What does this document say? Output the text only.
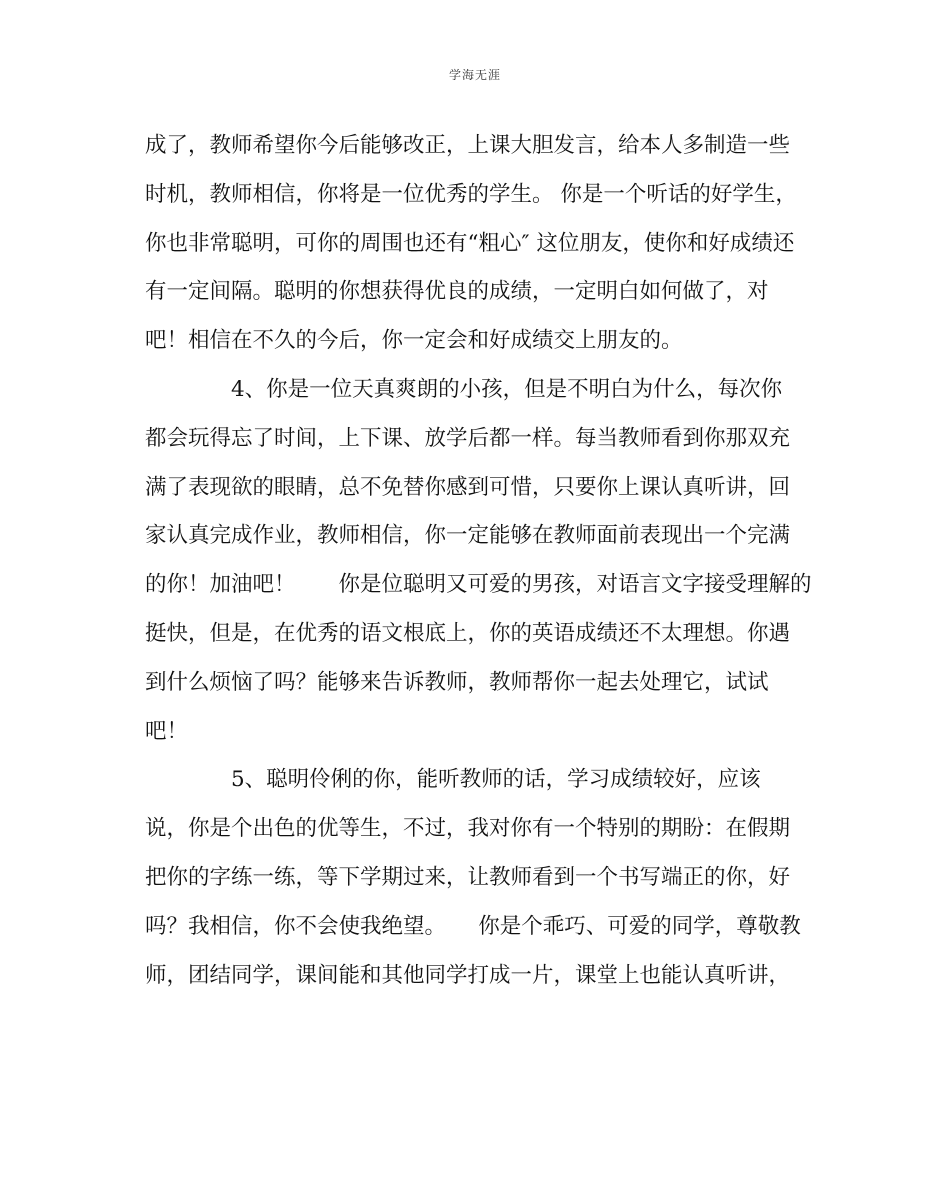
学海无涯
成了，教师希望你今后能够改正，上课大胆发言，给本人多制造一些
时机，教师相信，你将是一位优秀的学生。 你是一个听话的好学生，
你也非常聪明，可你的周围也还有“粗心″ 这位朋友，使你和好成绩还
有一定间隔。聪明的你想获得优良的成绩，一定明白如何做了，对
吧！相信在不久的今后，你一定会和好成绩交上朋友的。
4、你是一位天真爽朗的小孩，但是不明白为什么，每次你
都会玩得忘了时间，上下课、放学后都一样。每当教师看到你那双充
满了表现欲的眼睛，总不免替你感到可惜，只要你上课认真听讲，回
家认真完成作业，教师相信，你一定能够在教师面前表现出一个完满
的你！加油吧！　　你是位聪明又可爱的男孩，对语言文字接受理解的
挺快，但是，在优秀的语文根底上，你的英语成绩还不太理想。你遇
到什么烦恼了吗？能够来告诉教师，教师帮你一起去处理它，试试
吧！
5、聪明伶俐的你，能听教师的话，学习成绩较好，应该
说，你是个出色的优等生，不过，我对你有一个特别的期盼：在假期
把你的字练一练，等下学期过来，让教师看到一个书写端正的你，好
吗？我相信，你不会使我绝望。　　你是个乖巧、可爱的同学，尊敬教
师，团结同学，课间能和其他同学打成一片，课堂上也能认真听讲，
